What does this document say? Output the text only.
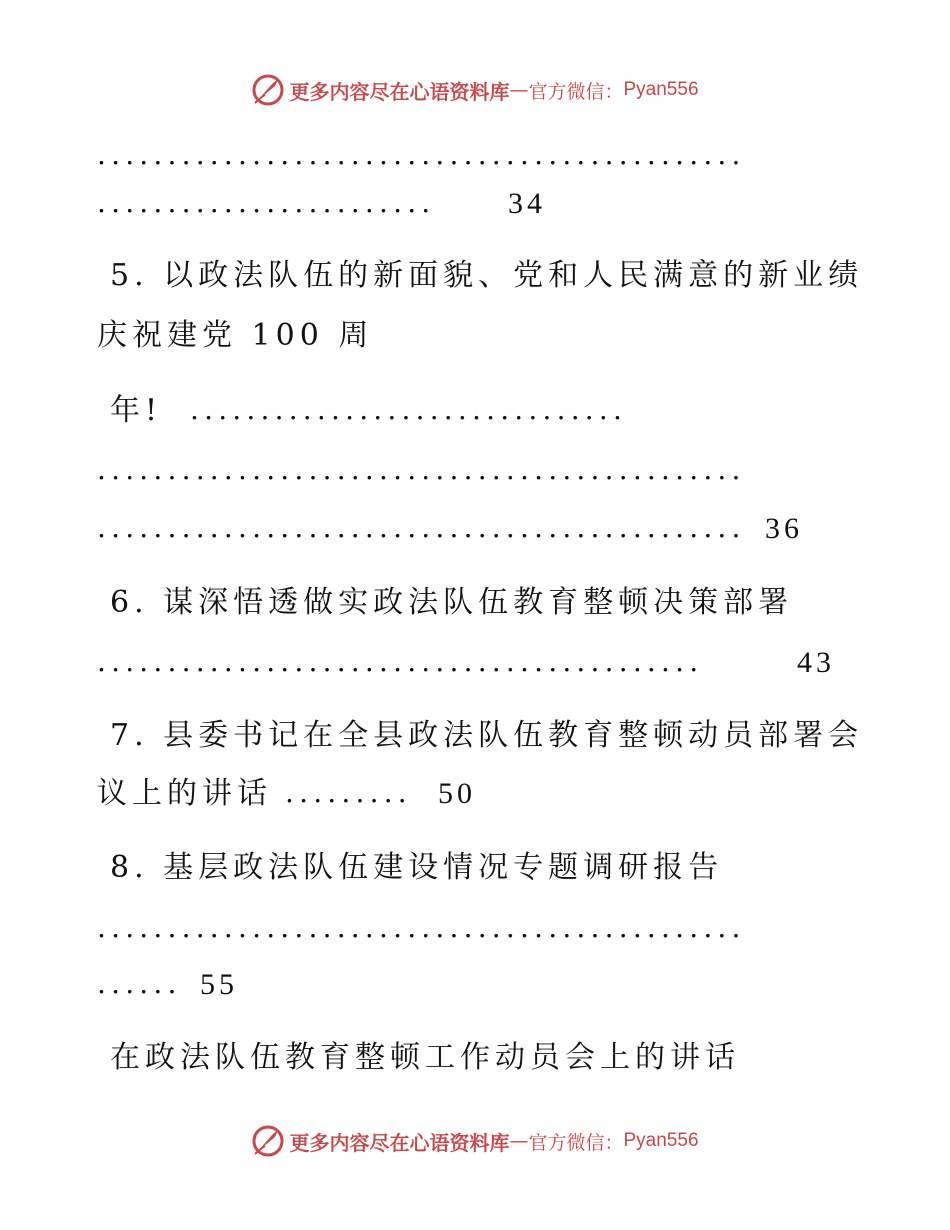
更多内容尽在心语资料库 — 官方微信： Pyan556
..............................................
........................	34
5. 以政法队伍的新面貌、党和人民满意的新业绩
庆祝建党 100 周
年! ...............................
..............................................
.............................................. 36
6. 谋深悟透做实政法队伍教育整顿决策部署
...........................................	43
7. 县委书记在全县政法队伍教育整顿动员部署会
议上的讲话 ......... 50
8. 基层政法队伍建设情况专题调研报告
..............................................
...... 55
在政法队伍教育整顿工作动员会上的讲话
更多内容尽在心语资料库 — 官方微信： Pyan556
